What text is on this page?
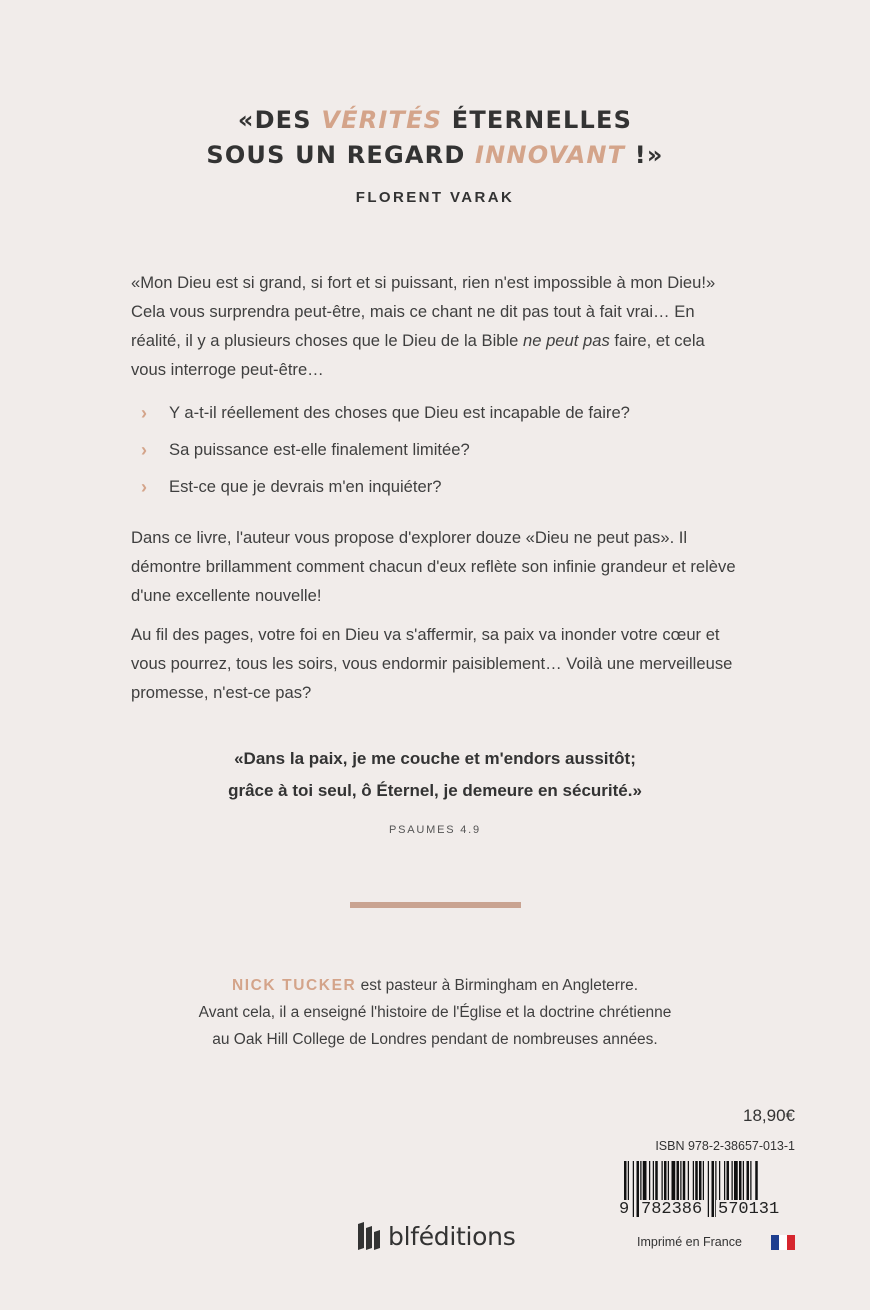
«DES VÉRITÉS ÉTERNELLES
SOUS UN REGARD INNOVANT !»
FLORENT VARAK

«Mon Dieu est si grand, si fort et si puissant, rien n'est impossible à mon Dieu!» Cela vous surprendra peut-être, mais ce chant ne dit pas tout à fait vrai… En réalité, il y a plusieurs choses que le Dieu de la Bible ne peut pas faire, et cela vous interroge peut-être…

› Y a-t-il réellement des choses que Dieu est incapable de faire?
› Sa puissance est-elle finalement limitée?
› Est-ce que je devrais m'en inquiéter?

Dans ce livre, l'auteur vous propose d'explorer douze «Dieu ne peut pas». Il démontre brillamment comment chacun d'eux reflète son infinie grandeur et relève d'une excellente nouvelle!

Au fil des pages, votre foi en Dieu va s'affermir, sa paix va inonder votre cœur et vous pourrez, tous les soirs, vous endormir paisiblement… Voilà une merveilleuse promesse, n'est-ce pas?

«Dans la paix, je me couche et m'endors aussitôt;
grâce à toi seul, ô Éternel, je demeure en sécurité.»
PSAUMES 4.9
NICK TUCKER est pasteur à Birmingham en Angleterre.
Avant cela, il a enseigné l'histoire de l'Église et la doctrine chrétienne
au Oak Hill College de Londres pendant de nombreuses années.
blféditions
18,90€
ISBN 978-2-38657-013-1
9 782386 570131
Imprimé en France
